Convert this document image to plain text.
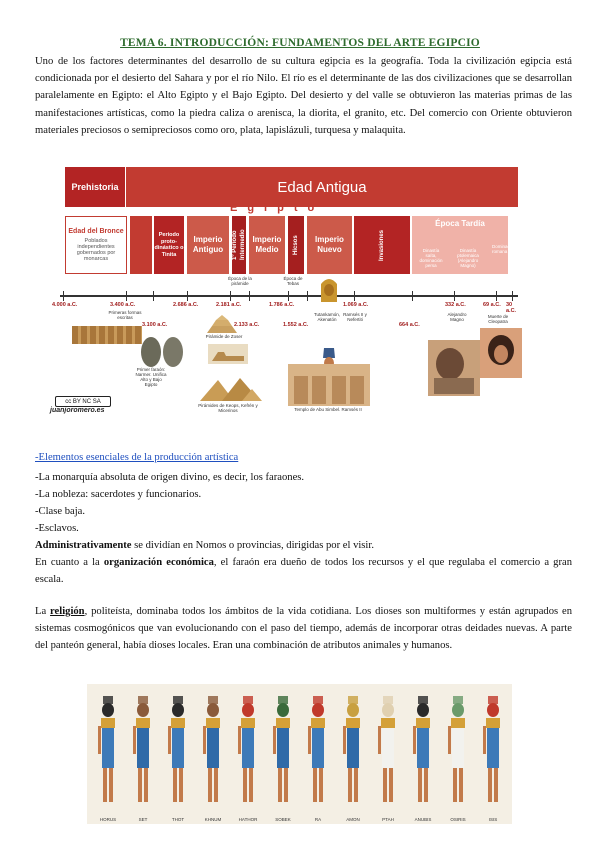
TEMA 6. INTRODUCCIÓN: FUNDAMENTOS DEL ARTE EGIPCIO
Uno de los factores determinantes del desarrollo de su cultura egipcia es la geografía. Toda la civilización egipcia está condicionada por el desierto del Sahara y por el río Nilo. El río es el determinante de las dos civilizaciones que se desarrollan paralelamente en Egipto: el Alto Egipto y el Bajo Egipto. Del desierto y del valle se obtuvieron las materias primas de las manifestaciones artísticas, como la piedra caliza o arenisca, la diorita, el granito, etc. Del comercio con Oriente obtuvieron materiales preciosos o semipreciosos como oro, plata, lapislázuli, turquesa y malaquita.
Prehistoria	Edad Antigua
Egipto
Edad del Bronce
Poblados independientes gobernados por monarcas
Periodo proto-dinástico o Tinita
Imperio Antiguo	1º Periodo Intermedio Imperio Medio	Hicsos	Imperio Nuevo	Invasiones
Época Tardía
Dinastía saíta, dominación persa
Dinastía ptolemaica (Alejandro Magno)
Dominación romana
4.000 a.C.	3.400 a.C.
3.100 a.C.
2.686 a.C.	2.181 a.C.
2.133 a.C.
1.786 a.C.
1.552 a.C.
1.069 a.C.
664 a.C.
332 a.C.	69 a.C. 30 a.C.
Primeras formas escritas
Primer faraón: Narmer. Unifica Alto y Bajo Egipto
Pirámide de Zoser
Época de la pirámide
Pirámides de Keops, Kefrén y Micerinos
Época de Tebas
Tutankamón, Akenatón
Ramsés II y Nefertiti
Templo de Abu Simbel. Ramsés II
Alejandro Magno
Muerte de Cleopatra
cc BY NC SA
juanjoromero.es
-Elementos esenciales de la producción artística
-La monarquía absoluta de origen divino, es decir, los faraones.
-La nobleza: sacerdotes y funcionarios.
-Clase baja.
-Esclavos.
Administrativamente se dividían en Nomos o provincias, dirigidas por el visir.
En cuanto a la organización económica, el faraón era dueño de todos los recursos y el que regulaba el comercio a gran escala.
La religión, politeísta, dominaba todos los ámbitos de la vida cotidiana. Los dioses son multiformes y están agrupados en sistemas cosmogónicos que van evolucionando con el paso del tiempo, además de incorporar otras deidades nuevas. A parte del panteón general, había dioses locales. Eran una combinación de atributos animales y humanos.
HORUS	SET	THOT	KHNUM	HATHOR	SOBEK	RA	AMON	PTAH	ANUBIS	OSIRIS	ISIS
